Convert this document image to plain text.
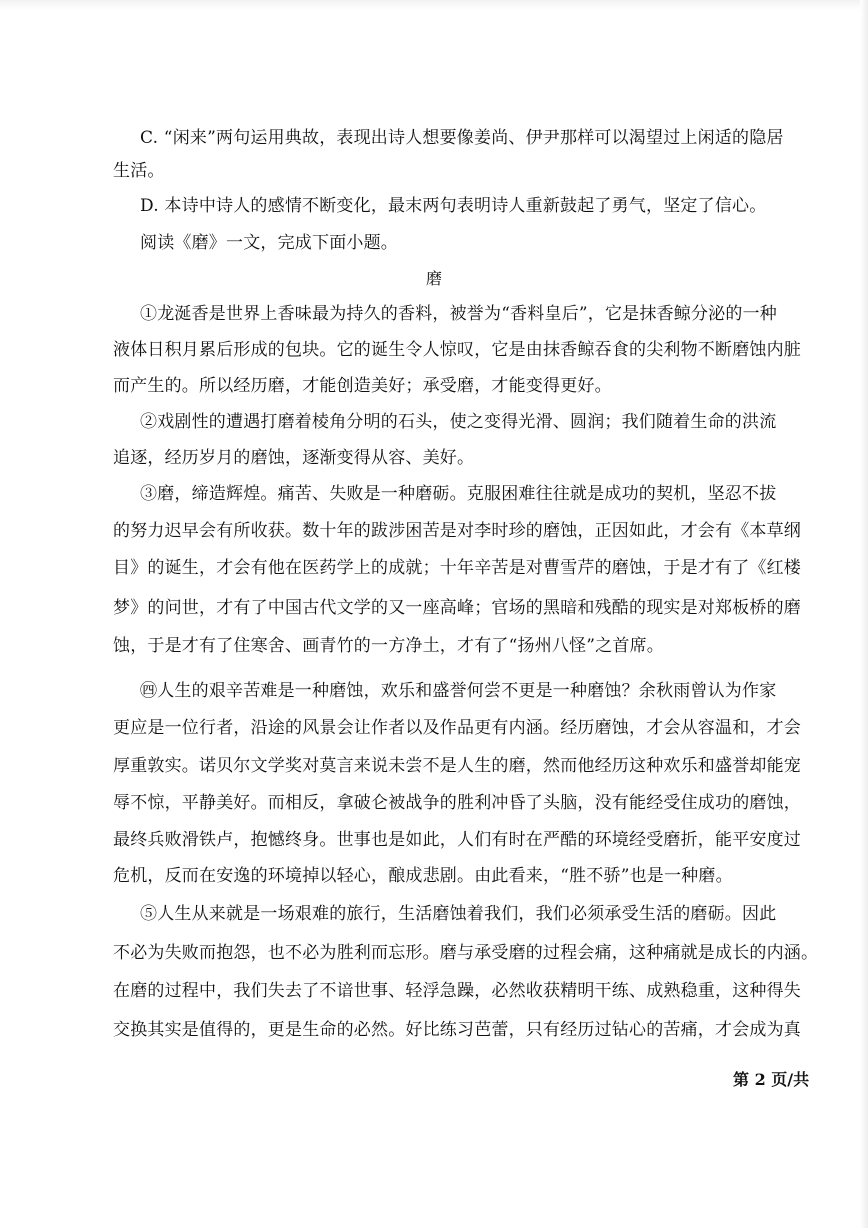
C. “闲来”两句运用典故，表现出诗人想要像姜尚、伊尹那样可以渴望过上闲适的隐居
生活。
D. 本诗中诗人的感情不断变化，最末两句表明诗人重新鼓起了勇气，坚定了信心。
阅读《磨》一文，完成下面小题。
磨
①龙涎香是世界上香味最为持久的香料，被誉为“香料皇后”，它是抹香鲸分泌的一种
液体日积月累后形成的包块。它的诞生令人惊叹，它是由抹香鲸吞食的尖利物不断磨蚀内脏
而产生的。所以经历磨，才能创造美好；承受磨，才能变得更好。
②戏剧性的遭遇打磨着棱角分明的石头，使之变得光滑、圆润；我们随着生命的洪流
追逐，经历岁月的磨蚀，逐渐变得从容、美好。
③磨，缔造辉煌。痛苦、失败是一种磨砺。克服困难往往就是成功的契机，坚忍不拔
的努力迟早会有所收获。数十年的跋涉困苦是对李时珍的磨蚀，正因如此，才会有《本草纲
目》的诞生，才会有他在医药学上的成就；十年辛苦是对曹雪芹的磨蚀，于是才有了《红楼
梦》的问世，才有了中国古代文学的又一座高峰；官场的黑暗和残酷的现实是对郑板桥的磨
蚀，于是才有了住寒舍、画青竹的一方净土，才有了“扬州八怪”之首席。
㊃人生的艰辛苦难是一种磨蚀，欢乐和盛誉何尝不更是一种磨蚀？余秋雨曾认为作家
更应是一位行者，沿途的风景会让作者以及作品更有内涵。经历磨蚀，才会从容温和，才会
厚重敦实。诺贝尔文学奖对莫言来说未尝不是人生的磨，然而他经历这种欢乐和盛誉却能宠
辱不惊，平静美好。而相反，拿破仑被战争的胜利冲昏了头脑，没有能经受住成功的磨蚀，
最终兵败滑铁卢，抱憾终身。世事也是如此，人们有时在严酷的环境经受磨折，能平安度过
危机，反而在安逸的环境掉以轻心，酿成悲剧。由此看来，“胜不骄”也是一种磨。
⑤人生从来就是一场艰难的旅行，生活磨蚀着我们，我们必须承受生活的磨砺。因此
不必为失败而抱怨，也不必为胜利而忘形。磨与承受磨的过程会痛，这种痛就是成长的内涵。
在磨的过程中，我们失去了不谙世事、轻浮急躁，必然收获精明干练、成熟稳重，这种得失
交换其实是值得的，更是生命的必然。好比练习芭蕾，只有经历过钻心的苦痛，才会成为真
第 2 页/共
